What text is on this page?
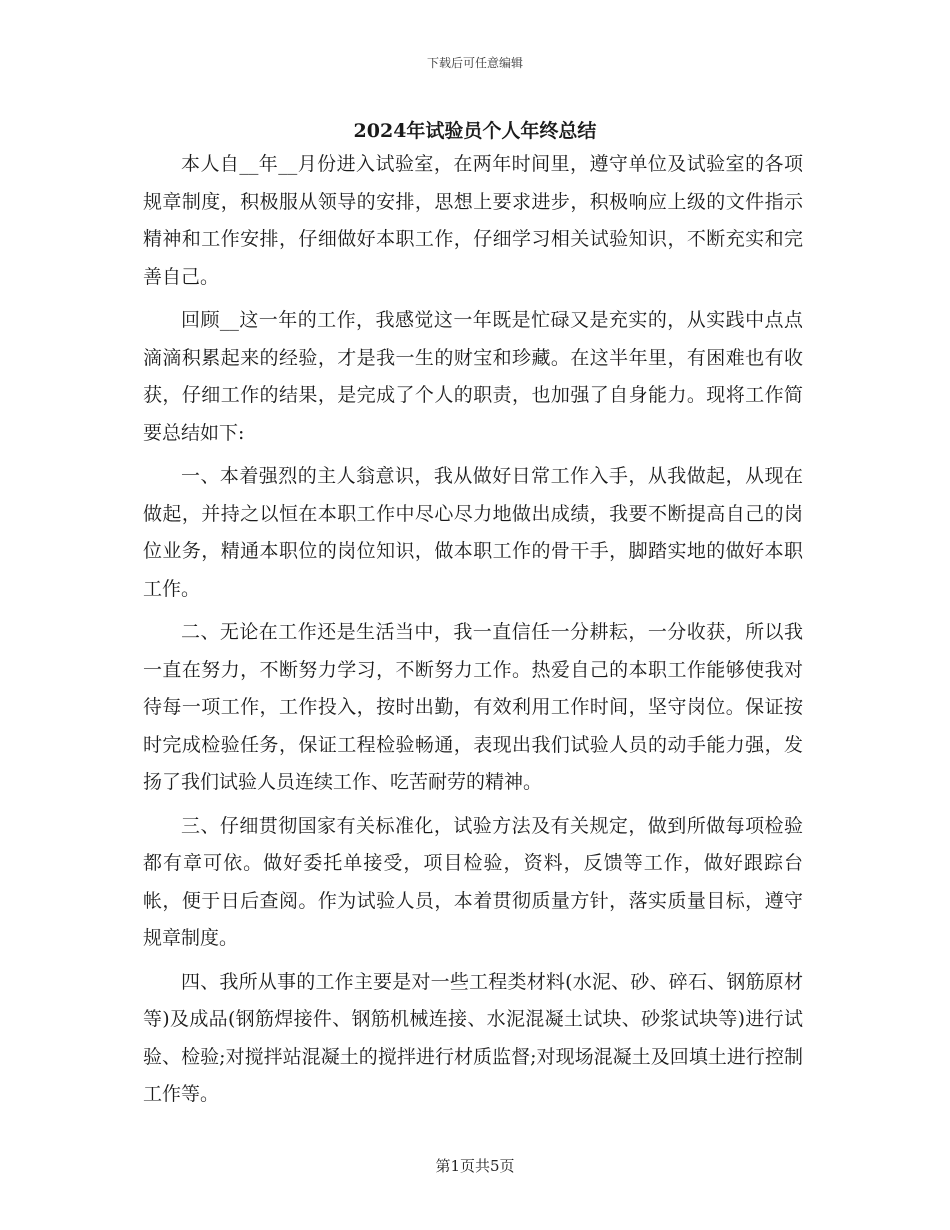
下载后可任意编辑
2024年试验员个人年终总结

本人自__年__月份进入试验室，在两年时间里，遵守单位及试验室的各项规章制度，积极服从领导的安排，思想上要求进步，积极响应上级的文件指示精神和工作安排，仔细做好本职工作，仔细学习相关试验知识，不断充实和完善自己。

回顾__这一年的工作，我感觉这一年既是忙碌又是充实的，从实践中点点滴滴积累起来的经验，才是我一生的财宝和珍藏。在这半年里，有困难也有收获，仔细工作的结果，是完成了个人的职责，也加强了自身能力。现将工作简要总结如下:

一、本着强烈的主人翁意识，我从做好日常工作入手，从我做起，从现在做起，并持之以恒在本职工作中尽心尽力地做出成绩，我要不断提高自己的岗位业务，精通本职位的岗位知识，做本职工作的骨干手，脚踏实地的做好本职工作。

二、无论在工作还是生活当中，我一直信任一分耕耘，一分收获，所以我一直在努力，不断努力学习，不断努力工作。热爱自己的本职工作能够使我对待每一项工作，工作投入，按时出勤，有效利用工作时间，坚守岗位。保证按时完成检验任务，保证工程检验畅通，表现出我们试验人员的动手能力强，发扬了我们试验人员连续工作、吃苦耐劳的精神。

三、仔细贯彻国家有关标准化，试验方法及有关规定，做到所做每项检验都有章可依。做好委托单接受，项目检验，资料，反馈等工作，做好跟踪台帐，便于日后查阅。作为试验人员，本着贯彻质量方针，落实质量目标，遵守规章制度。

四、我所从事的工作主要是对一些工程类材料(水泥、砂、碎石、钢筋原材等)及成品(钢筋焊接件、钢筋机械连接、水泥混凝土试块、砂浆试块等)进行试验、检验;对搅拌站混凝土的搅拌进行材质监督;对现场混凝土及回填土进行控制工作等。

第1页共5页
